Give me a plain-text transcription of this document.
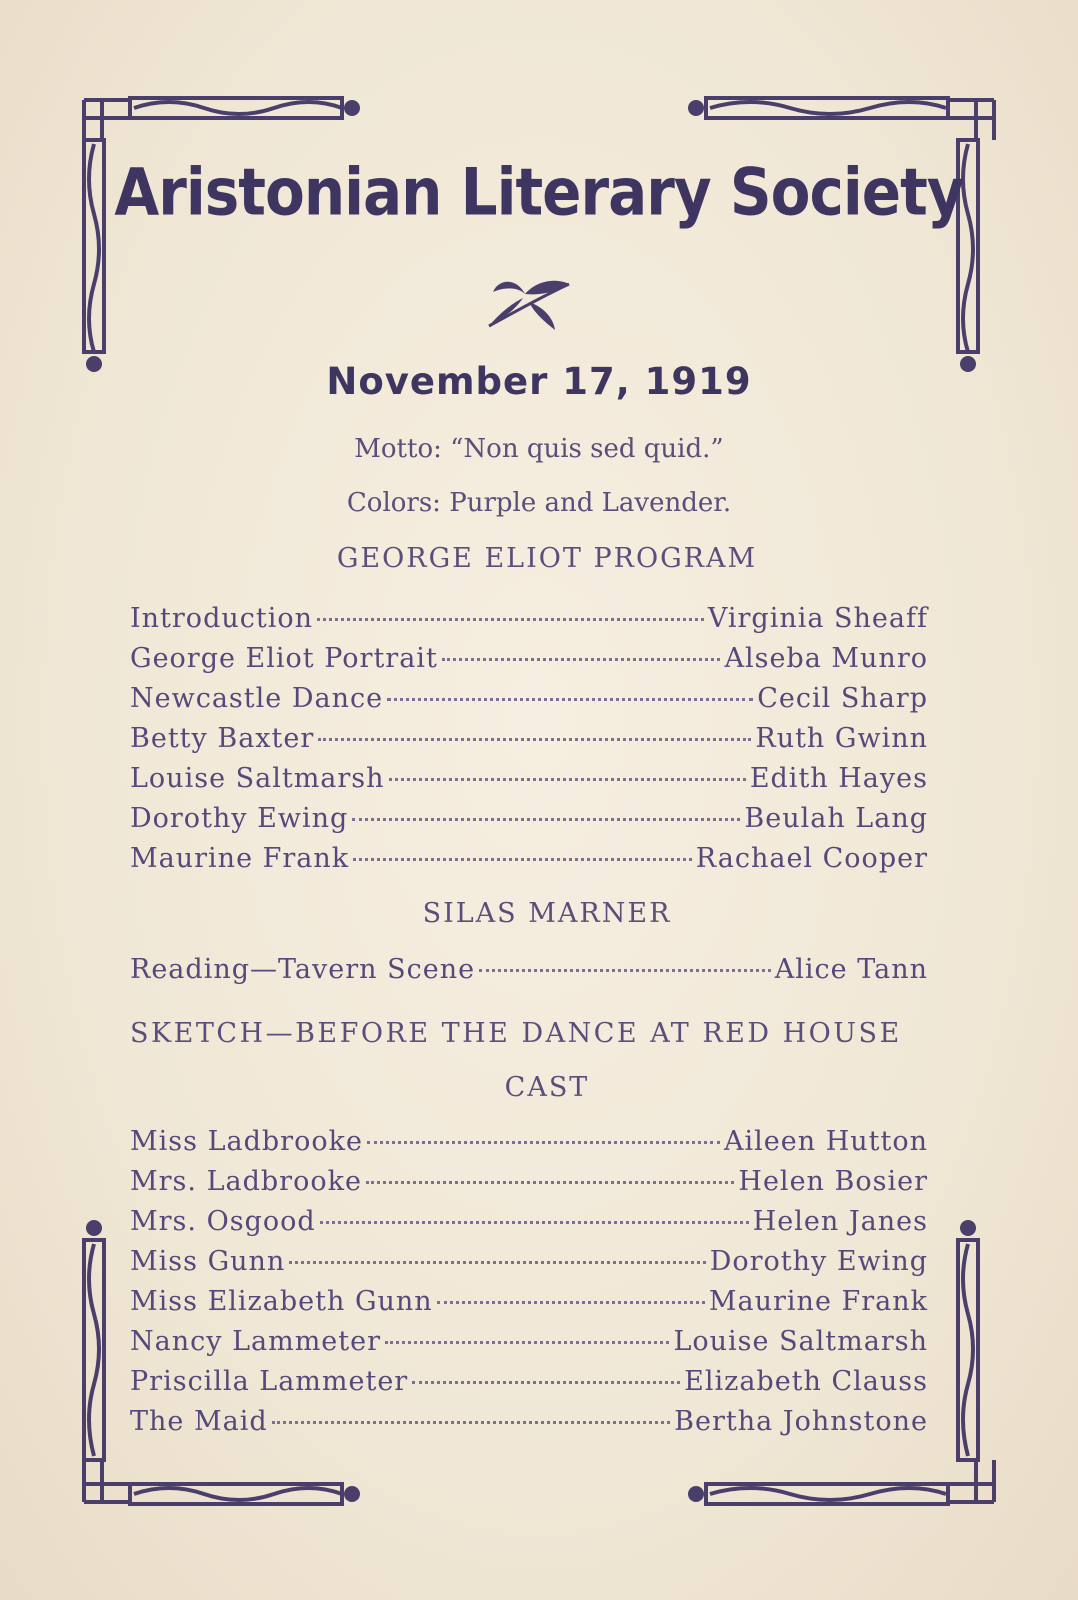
Aristonian Literary Society
November 17, 1919
Motto: “Non quis sed quid.”
Colors: Purple and Lavender.
GEORGE ELIOT PROGRAM
Introduction	Virginia Sheaff
George Eliot Portrait	Alseba Munro
Newcastle Dance	Cecil Sharp
Betty Baxter	Ruth Gwinn
Louise Saltmarsh	Edith Hayes
Dorothy Ewing	Beulah Lang
Maurine Frank	Rachael Cooper
SILAS MARNER
Reading—Tavern Scene	Alice Tann
SKETCH—BEFORE THE DANCE AT RED HOUSE
CAST
Miss Ladbrooke	Aileen Hutton
Mrs. Ladbrooke	Helen Bosier
Mrs. Osgood	Helen Janes
Miss Gunn	Dorothy Ewing
Miss Elizabeth Gunn	Maurine Frank
Nancy Lammeter	Louise Saltmarsh
Priscilla Lammeter	Elizabeth Clauss
The Maid	Bertha Johnstone
